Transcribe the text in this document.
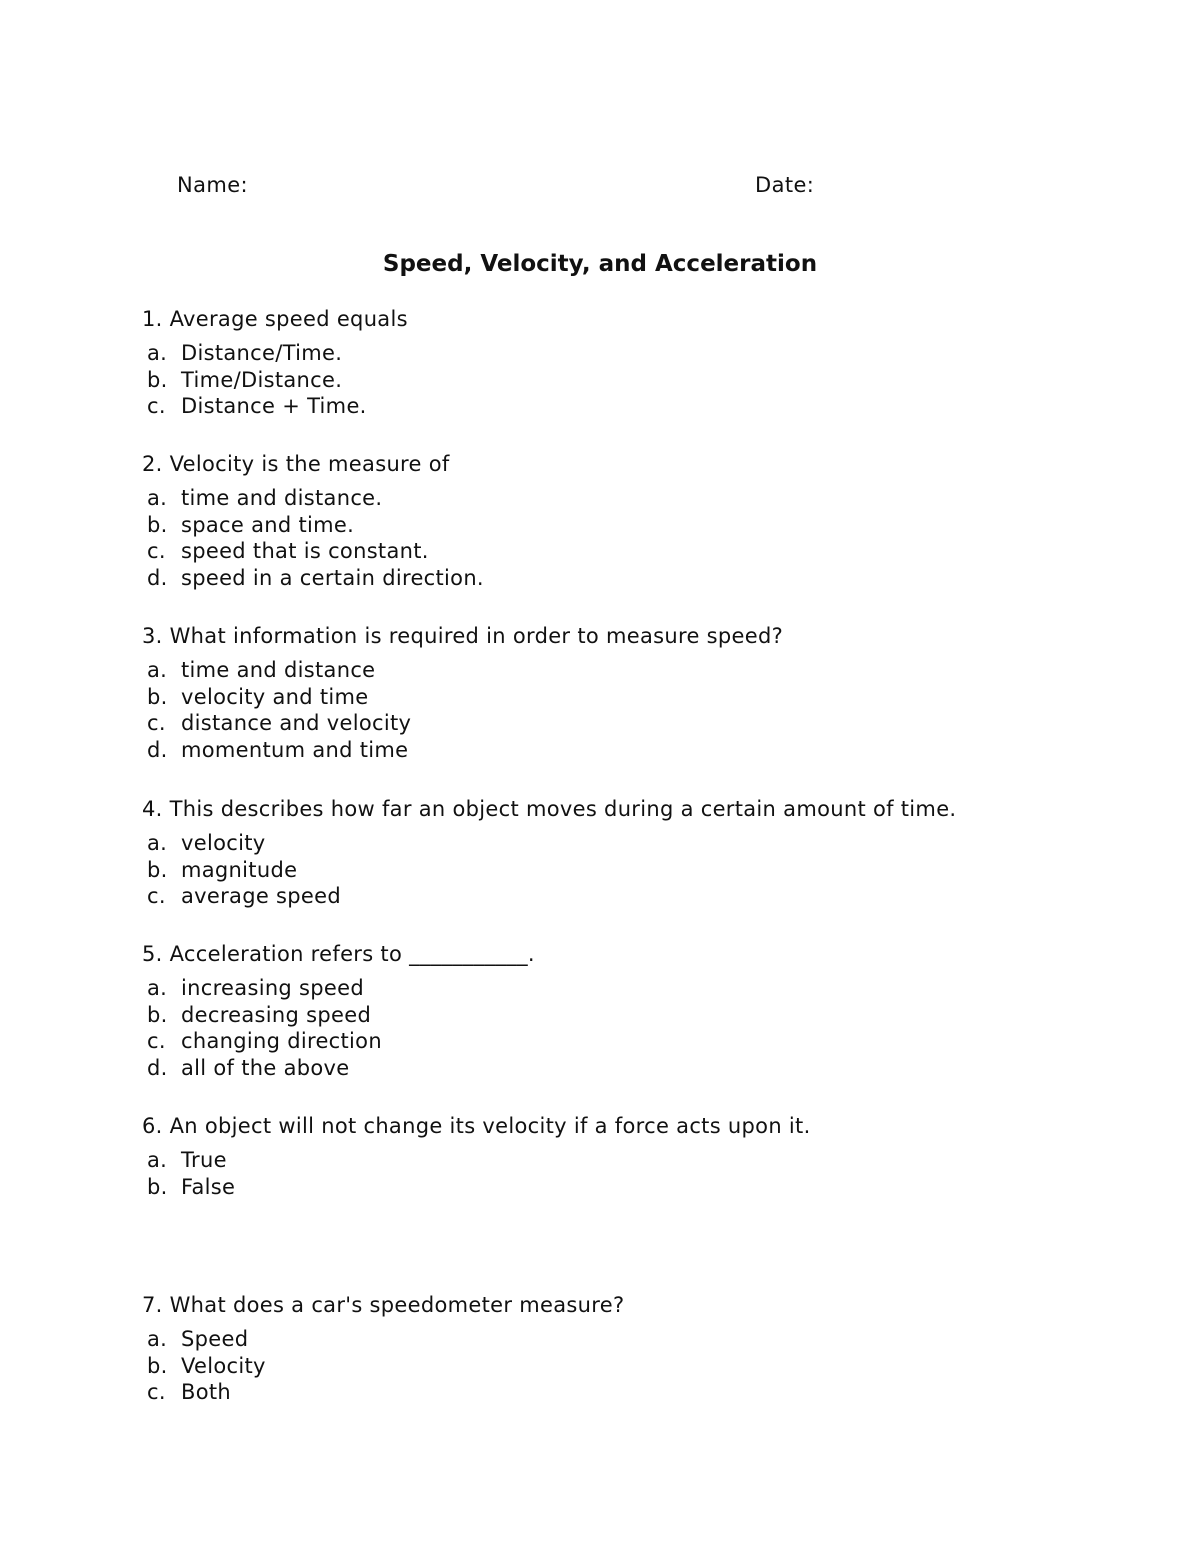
Name:	Date:
Speed, Velocity, and Acceleration
1. Average speed equals
a. Distance/Time.
b. Time/Distance.
c. Distance + Time.
2. Velocity is the measure of
a. time and distance.
b. space and time.
c. speed that is constant.
d. speed in a certain direction.
3. What information is required in order to measure speed?
a. time and distance
b. velocity and time
c. distance and velocity
d. momentum and time
4. This describes how far an object moves during a certain amount of time.
a. velocity
b. magnitude
c. average speed
5. Acceleration refers to ___________.
a. increasing speed
b. decreasing speed
c. changing direction
d. all of the above
6. An object will not change its velocity if a force acts upon it.
a. True
b. False
7. What does a car's speedometer measure?
a. Speed
b. Velocity
c. Both
